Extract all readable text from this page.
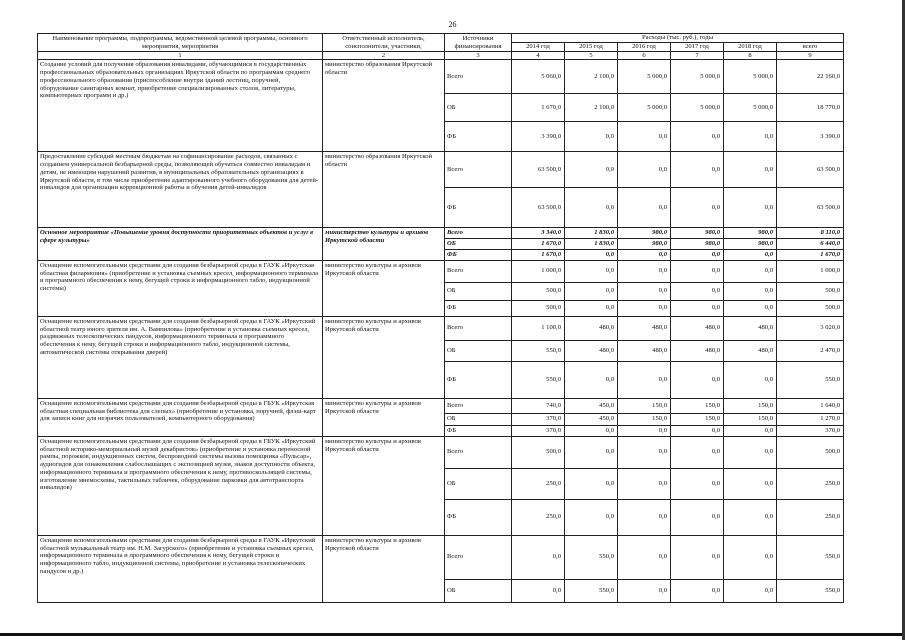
26
Наименование программы, подпрограммы, ведомственной целевой программы, основного мероприятия, мероприятия	Ответственный исполнитель, соисполнители, участники,	Источники финансирования	Расходы (тыс. руб.), годы					
			2014 год	2015 год	2016 год	2017 год	2018 год	всего
1	2	3	4	5	6	7	8	9
Создание условий для получения образования инвалидами, обучающимися в государственных профессиональных образовательных организациях Иркутской области по программам среднего профессионального образования (приспособление внутри зданий лестниц, поручней, оборудование санитарных комнат, приобретение специализированных столов, литературы, компьютерных программ и др.)	министерство образования Иркутской области	Всего	5 060,0	2 100,0	5 000,0	5 000,0	5 000,0	22 160,0
		ОБ	1 670,0	2 100,0	5 000,0	5 000,0	5 000,0	18 770,0
		ФБ	3 390,0	0,0	0,0	0,0	0,0	3 390,0
Предоставление субсидий местным бюджетам на софинансирование расходов, связанных с созданием универсальной безбарьерной среды, позволяющей обучаться совместно инвалидам и детям, не имеющим нарушений развития, в муниципальных образовательных организациях в Иркутской области, в том числе приобретение адаптированного учебного оборудования для детей-инвалидов для организации коррекционной работы и обучения детей-инвалидов	министерство образования Иркутской области	Всего	63 500,0	0,0	0,0	0,0	0,0	63 500,0
		ФБ	63 500,0	0,0	0,0	0,0	0,0	63 500,0
Основное мероприятие «Повышение уровня доступности приоритетных объектов и услуг в сфере культуры»	министерство культуры и архивов Иркутской области	Всего	3 340,0	1 830,0	980,0	980,0	980,0	8 110,0
		ОБ	1 670,0	1 830,0	980,0	980,0	980,0	6 440,0
		ФБ	1 670,0	0,0	0,0	0,0	0,0	1 670,0
Оснащение вспомогательными средствами для создания безбарьерной среды в ГАУК «Иркутская областная филармония» (приобретение и установка съемных кресел, информационного терминала и программного обеспечения к нему, бегущей строки и информационного табло, индукционной системы)	министерство культуры и архивов Иркутской области	Всего	1 000,0	0,0	0,0	0,0	0,0	1 000,0
		ОБ	500,0	0,0	0,0	0,0	0,0	500,0
		ФБ	500,0	0,0	0,0	0,0	0,0	500,0
Оснащение вспомогательными средствами для создания безбарьерной среды в ГАУК «Иркутский областной театр юного зрителя им. А. Вампилова» (приобретение и установка съемных кресел, раздвижных телескопических пандусов, информационного терминала и программного обеспечения к нему, бегущей строки и информационного табло, индукционной системы, автоматической системы открывания дверей)	министерство культуры и архивов Иркутской области	Всего	1 100,0	480,0	480,0	480,0	480,0	3 020,0
		ОБ	550,0	480,0	480,0	480,0	480,0	2 470,0
		ФБ	550,0	0,0	0,0	0,0	0,0	550,0
Оснащение вспомогательными средствами для создания безбарьерной среды в ГБУК «Иркутская областная специальная библиотека для слепых» (приобретение и установка, поручней, флэш-карт для записи книг для незрячих пользователей, компьютерного оборудования)	министерство культуры и архивов Иркутской области	Всего	740,0	450,0	150,0	150,0	150,0	1 640,0
		ОБ	370,0	450,0	150,0	150,0	150,0	1 270,0
		ФБ	370,0	0,0	0,0	0,0	0,0	370,0
Оснащение вспомогательными средствами для создания безбарьерной среды в ГБУК «Иркутский областной историко-мемориальный музей декабристов» (приобретение и установка переносной рампы, порожков, индукционных систем, беспроводной системы вызова помощника «Пульсар», аудиогидов для ознакомления слабослышащих с экспозицией музея, знаков доступности объекта, информационного терминала и программного обеспечения к нему, противоскользящей системы, изготовление мнемосхемы, тактильных табличек, оборудование парковки для автотранспорта инвалидов)	министерство культуры и архивов Иркутской области	Всего	500,0	0,0	0,0	0,0	0,0	500,0
		ОБ	250,0	0,0	0,0	0,0	0,0	250,0
		ФБ	250,0	0,0	0,0	0,0	0,0	250,0
Оснащение вспомогательными средствами для создания безбарьерной среды в ГАУК «Иркутский областной музыкальный театр им. Н.М. Загурского» (приобретение и установка съемных кресел, информационного терминала и программного обеспечения к нему, бегущей строки и информационного табло, индукционной системы, приобретение и установка телескопических пандусов и др.)	министерство культуры и архивов Иркутской области	Всего	0,0	550,0	0,0	0,0	0,0	550,0
		ОБ	0,0	550,0	0,0	0,0	0,0	550,0
